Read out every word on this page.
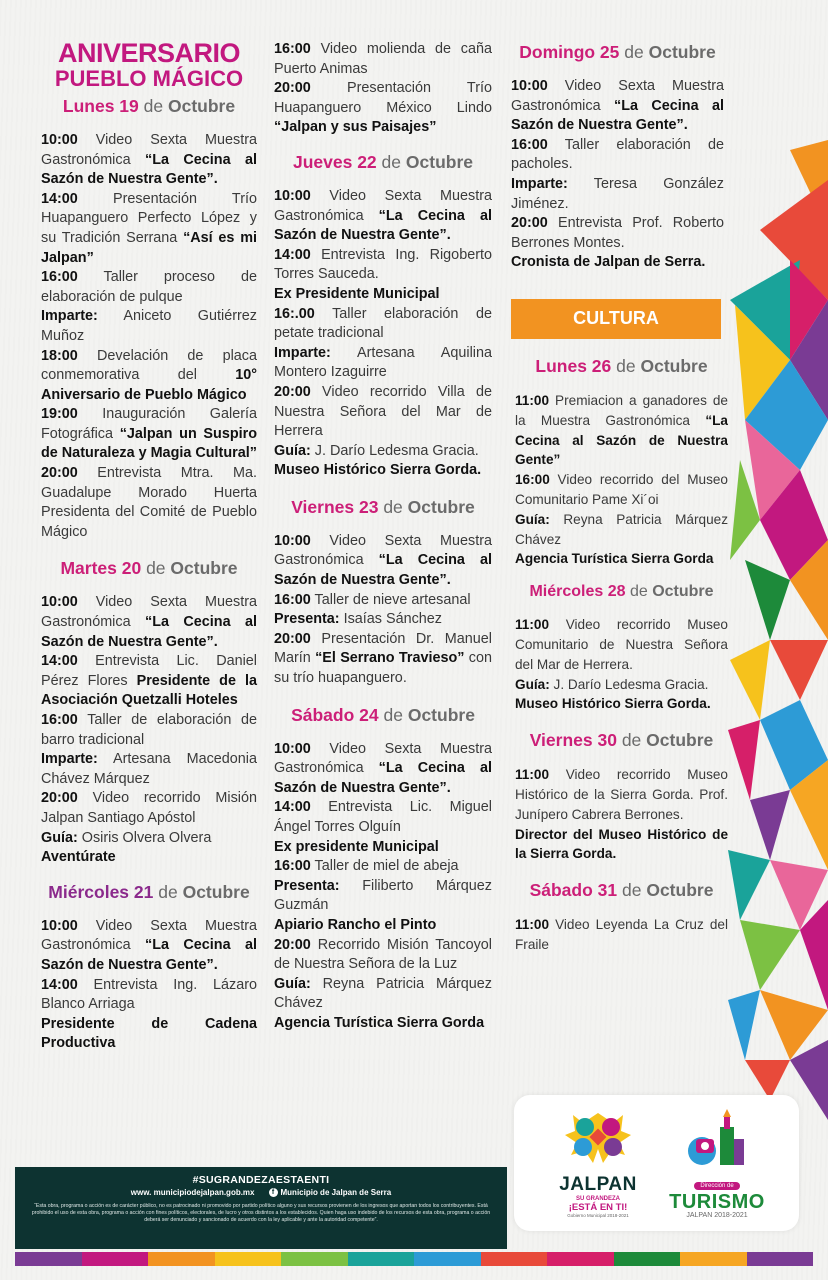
ANIVERSARIO
PUEBLO MÁGICO
Lunes 19 de Octubre

10:00 Video Sexta Muestra Gastronómica “La Cecina al Sazón de Nuestra Gente”.

14:00 Presentación Trío Huapanguero Perfecto López y su Tradición Serrana “Así es mi Jalpan”

16:00 Taller proceso de elaboración de pulque

Imparte: Aniceto Gutiérrez Muñoz

18:00 Develación de placa conmemorativa del 10° Aniversario de Pueblo Mágico

19:00 Inauguración Galería Fotográfica “Jalpan un Suspiro de Naturaleza y Magia Cultural”

20:00 Entrevista Mtra. Ma. Guadalupe Morado Huerta Presidenta del Comité de Pueblo Mágico

Martes 20 de Octubre

10:00 Video Sexta Muestra Gastronómica “La Cecina al Sazón de Nuestra Gente”.

14:00 Entrevista Lic. Daniel Pérez Flores Presidente de la Asociación Quetzalli Hoteles

16:00 Taller de elaboración de barro tradicional

Imparte: Artesana Macedonia Chávez Márquez

20:00 Video recorrido Misión Jalpan Santiago Apóstol

Guía: Osiris Olvera Olvera

Aventúrate

Miércoles 21 de Octubre

10:00 Video Sexta Muestra Gastronómica “La Cecina al Sazón de Nuestra Gente”.

14:00 Entrevista Ing. Lázaro Blanco Arriaga

Presidente de Cadena Productiva

16:00 Video molienda de caña Puerto Animas

20:00 Presentación Trío Huapanguero México Lindo “Jalpan y sus Paisajes”

Jueves 22 de Octubre

10:00 Video Sexta Muestra Gastronómica “La Cecina al Sazón de Nuestra Gente”.

14:00 Entrevista Ing. Rigoberto Torres Sauceda.

Ex Presidente Municipal

16:.00 Taller elaboración de petate tradicional

Imparte: Artesana Aquilina Montero Izaguirre

20:00 Video recorrido Villa de Nuestra Señora del Mar de Herrera

Guía: J. Darío Ledesma Gracia.

Museo Histórico Sierra Gorda.

Viernes 23 de Octubre

10:00 Video Sexta Muestra Gastronómica “La Cecina al Sazón de Nuestra Gente”.

16:00 Taller de nieve artesanal

Presenta: Isaías Sánchez

20:00 Presentación Dr. Manuel Marín “El Serrano Travieso” con su trío huapanguero.

Sábado 24 de Octubre

10:00 Video Sexta Muestra Gastronómica “La Cecina al Sazón de Nuestra Gente”.

14:00 Entrevista Lic. Miguel Ángel Torres Olguín

Ex presidente Municipal

16:00 Taller de miel de abeja

Presenta: Filiberto Márquez Guzmán

Apiario Rancho el Pinto

20:00 Recorrido Misión Tancoyol de Nuestra Señora de la Luz

Guía: Reyna Patricia Márquez Chávez

Agencia Turística Sierra Gorda

Domingo 25 de Octubre

10:00 Video Sexta Muestra Gastronómica “La Cecina al Sazón de Nuestra Gente”.

16:00 Taller elaboración de pacholes.

Imparte: Teresa González Jiménez.

20:00 Entrevista Prof. Roberto Berrones Montes.

Cronista de Jalpan de Serra.

CULTURA
Lunes 26 de Octubre

11:00 Premiacion a ganadores de la Muestra Gastronómica “La Cecina al Sazón de Nuestra Gente”

16:00 Video recorrido del Museo Comunitario Pame Xi´oi

Guía: Reyna Patricia Márquez Chávez

Agencia Turística Sierra Gorda

Miércoles 28 de Octubre

11:00 Video recorrido Museo Comunitario de Nuestra Señora del Mar de Herrera.

Guía: J. Darío Ledesma Gracia.

Museo Histórico Sierra Gorda.

Viernes 30 de Octubre

11:00 Video recorrido Museo Histórico de la Sierra Gorda. Prof. Junípero Cabrera Berrones.

Director del Museo Histórico de la Sierra Gorda.

Sábado 31 de Octubre

11:00 Video Leyenda La Cruz del Fraile

JALPAN
SU GRANDEZA
¡ESTÁ EN TI!
Gobierno Municipal 2018-2021
Dirección de
TURISMO
JALPAN 2018-2021
#SUGRANDEZAESTAENTI
www. municipiodejalpan.gob.mx	f Municipio de Jalpan de Serra
“Esta obra, programa o acción es de carácter público, no es patrocinado ni promovido por partido político alguno y sus recursos provienen de los ingresos que aportan todos los contribuyentes. Está prohibido el uso de esta obra, programa o acción con fines políticos, electorales, de lucro y otros distintos a los establecidos. Quien haga uso indebido de los recursos de esta obra, programa o acción deberá ser denunciado y sancionado de acuerdo con la ley aplicable y ante la autoridad competente”.
